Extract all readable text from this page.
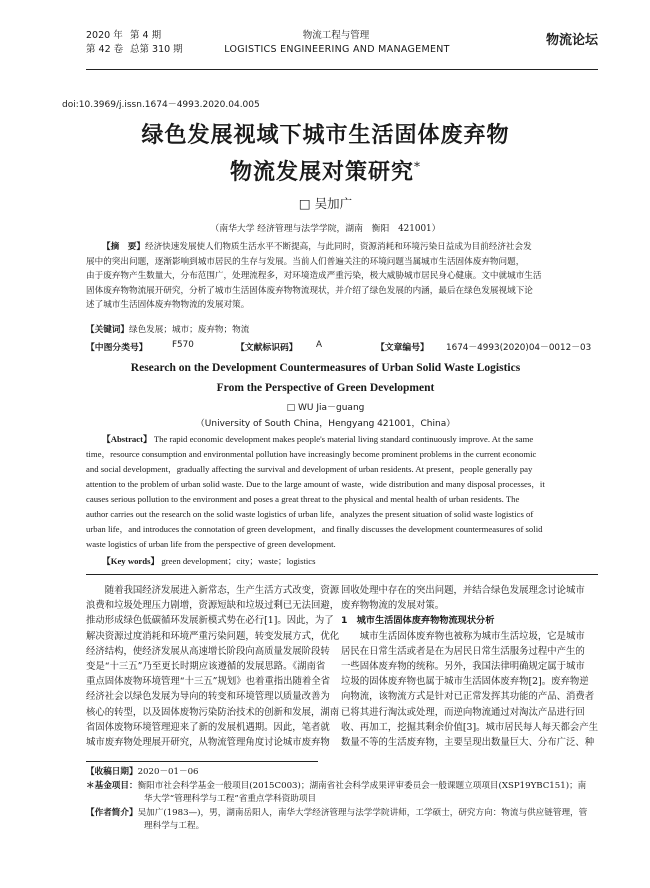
2020 年 第 4 期
第 42 卷 总第 310 期
物流工程与管理
LOGISTICS ENGINEERING AND MANAGEMENT
物流论坛
doi:10.3969/j.issn.1674－4993.2020.04.005
绿色发展视域下城市生活固体废弃物
物流发展对策研究*
□ 吴加广
（南华大学 经济管理与法学学院，湖南　衡阳　421001）
【摘　要】 经济快速发展使人们物质生活水平不断提高，与此同时，资源消耗和环境污染日益成为目前经济社会发
展中的突出问题，逐渐影响到城市居民的生存与发展。当前人们普遍关注的环境问题当属城市生活固体废弃物问题，
由于废弃物产生数量大，分布范围广，处理流程多，对环境造成严重污染，极大威胁城市居民身心健康。文中就城市生活
固体废弃物物流展开研究，分析了城市生活固体废弃物物流现状，并介绍了绿色发展的内涵，最后在绿色发展视域下论
述了城市生活固体废弃物物流的发展对策。
【关键词】绿色发展；城市；废弃物；物流
【中图分类号】	F570	【文献标识码】 A	【文章编号】 1674－4993(2020)04－0012－03
Research on the Development Countermeasures of Urban Solid Waste Logistics
From the Perspective of Green Development
□ WU Jia－guang
（University of South China，Hengyang 421001，China）
【Abstract】 The rapid economic development makes people's material living standard continuously improve. At the same
time，resource consumption and environmental pollution have increasingly become prominent problems in the current economic
and social development，gradually affecting the survival and development of urban residents. At present，people generally pay
attention to the problem of urban solid waste. Due to the large amount of waste，wide distribution and many disposal processes，it
causes serious pollution to the environment and poses a great threat to the physical and mental health of urban residents. The
author carries out the research on the solid waste logistics of urban life，analyzes the present situation of solid waste logistics of
urban life，and introduces the connotation of green development，and finally discusses the development countermeasures of solid
waste logistics of urban life from the perspective of green development.
【Key words】 green development；city；waste；logistics
　　随着我国经济发展进入新常态，生产生活方式改变，资源
浪费和垃圾处理压力剧增，资源短缺和垃圾过剩已无法回避，
推动形成绿色低碳循环发展新模式势在必行[1]。因此，为了
解决资源过度消耗和环境严重污染问题，转变发展方式，优化
经济结构，使经济发展从高速增长阶段向高质量发展阶段转
变是“十三五”乃至更长时期应该遵循的发展思路。《湖南省
重点固体废物环境管理“十三五”规划》也着重指出随着全省
经济社会以绿色发展为导向的转变和环境管理以质量改善为
核心的转型，以及固体废物污染防治技术的创新和发展，湖南
省固体废物环境管理迎来了新的发展机遇期。因此，笔者就
城市废弃物处理展开研究，从物流管理角度讨论城市废弃物
回收处理中存在的突出问题，并结合绿色发展理念讨论城市
废弃物物流的发展对策。
1　城市生活固体废弃物物流现状分析
　　城市生活固体废弃物也被称为城市生活垃圾，它是城市
居民在日常生活或者是在为居民日常生活服务过程中产生的
一些固体废弃物的统称。另外，我国法律明确规定属于城市
垃圾的固体废弃物也属于城市生活固体废弃物[2]。废弃物逆
向物流，该物流方式是针对已正常发挥其功能的产品、消费者
已将其进行淘汰或处理，而逆向物流通过对淘汰产品进行回
收、再加工，挖掘其剩余价值[3]。城市居民每人每天都会产生
数量不等的生活废弃物，主要呈现出数量巨大、分布广泛、种
【收稿日期】2020－01－06
＊基金项目：衡阳市社会科学基金一般项目(2015C003)；湖南省社会科学成果评审委员会一般课题立项项目(XSP19YBC151)；南
华大学“管理科学与工程”省重点学科资助项目
【作者简介】吴加广(1983—)，男，湖南岳阳人，南华大学经济管理与法学学院讲师，工学硕士，研究方向：物流与供应链管理，管
理科学与工程。
